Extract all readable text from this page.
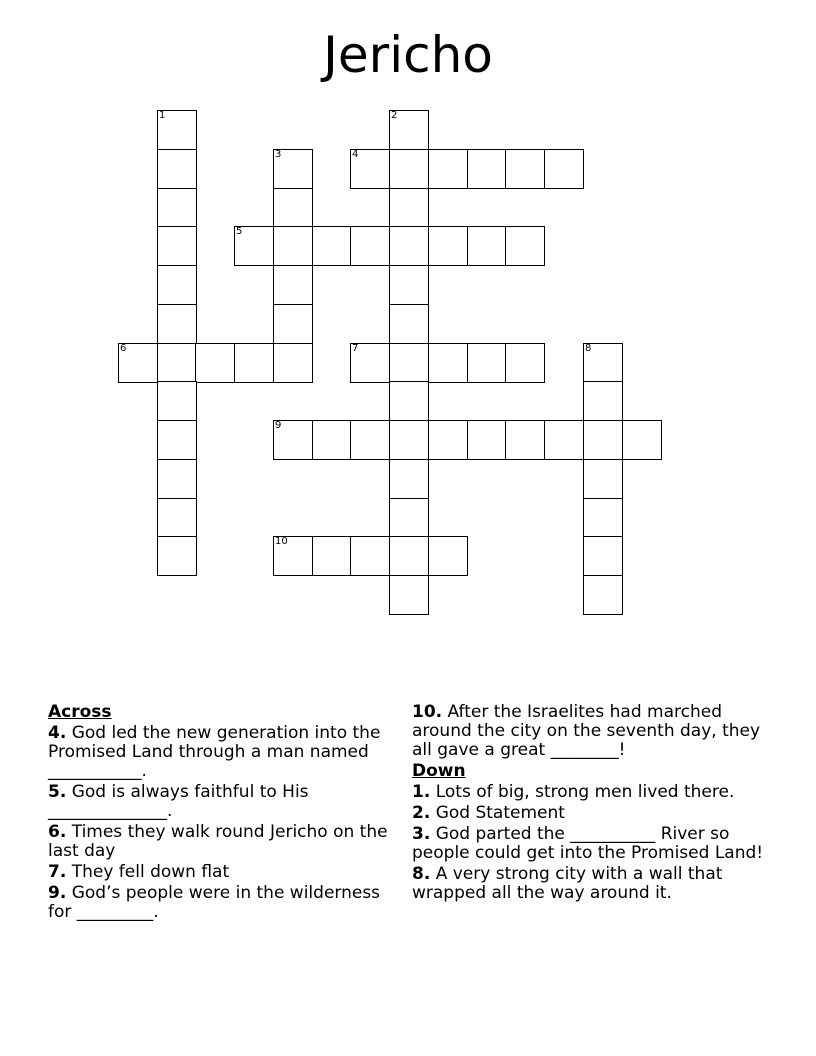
Jericho
1	2
3	4
5
6	7	8
9
10
Across
4. God led the new generation into the Promised Land through a man named ___________.
5. God is always faithful to His ______________.
6. Times they walk round Jericho on the last day
7. They fell down flat
9. God’s people were in the wilderness for _________.
10. After the Israelites had marched around the city on the seventh day, they all gave a great ________!
Down
1. Lots of big, strong men lived there.
2. God Statement
3. God parted the __________ River so people could get into the Promised Land!
8. A very strong city with a wall that wrapped all the way around it.
